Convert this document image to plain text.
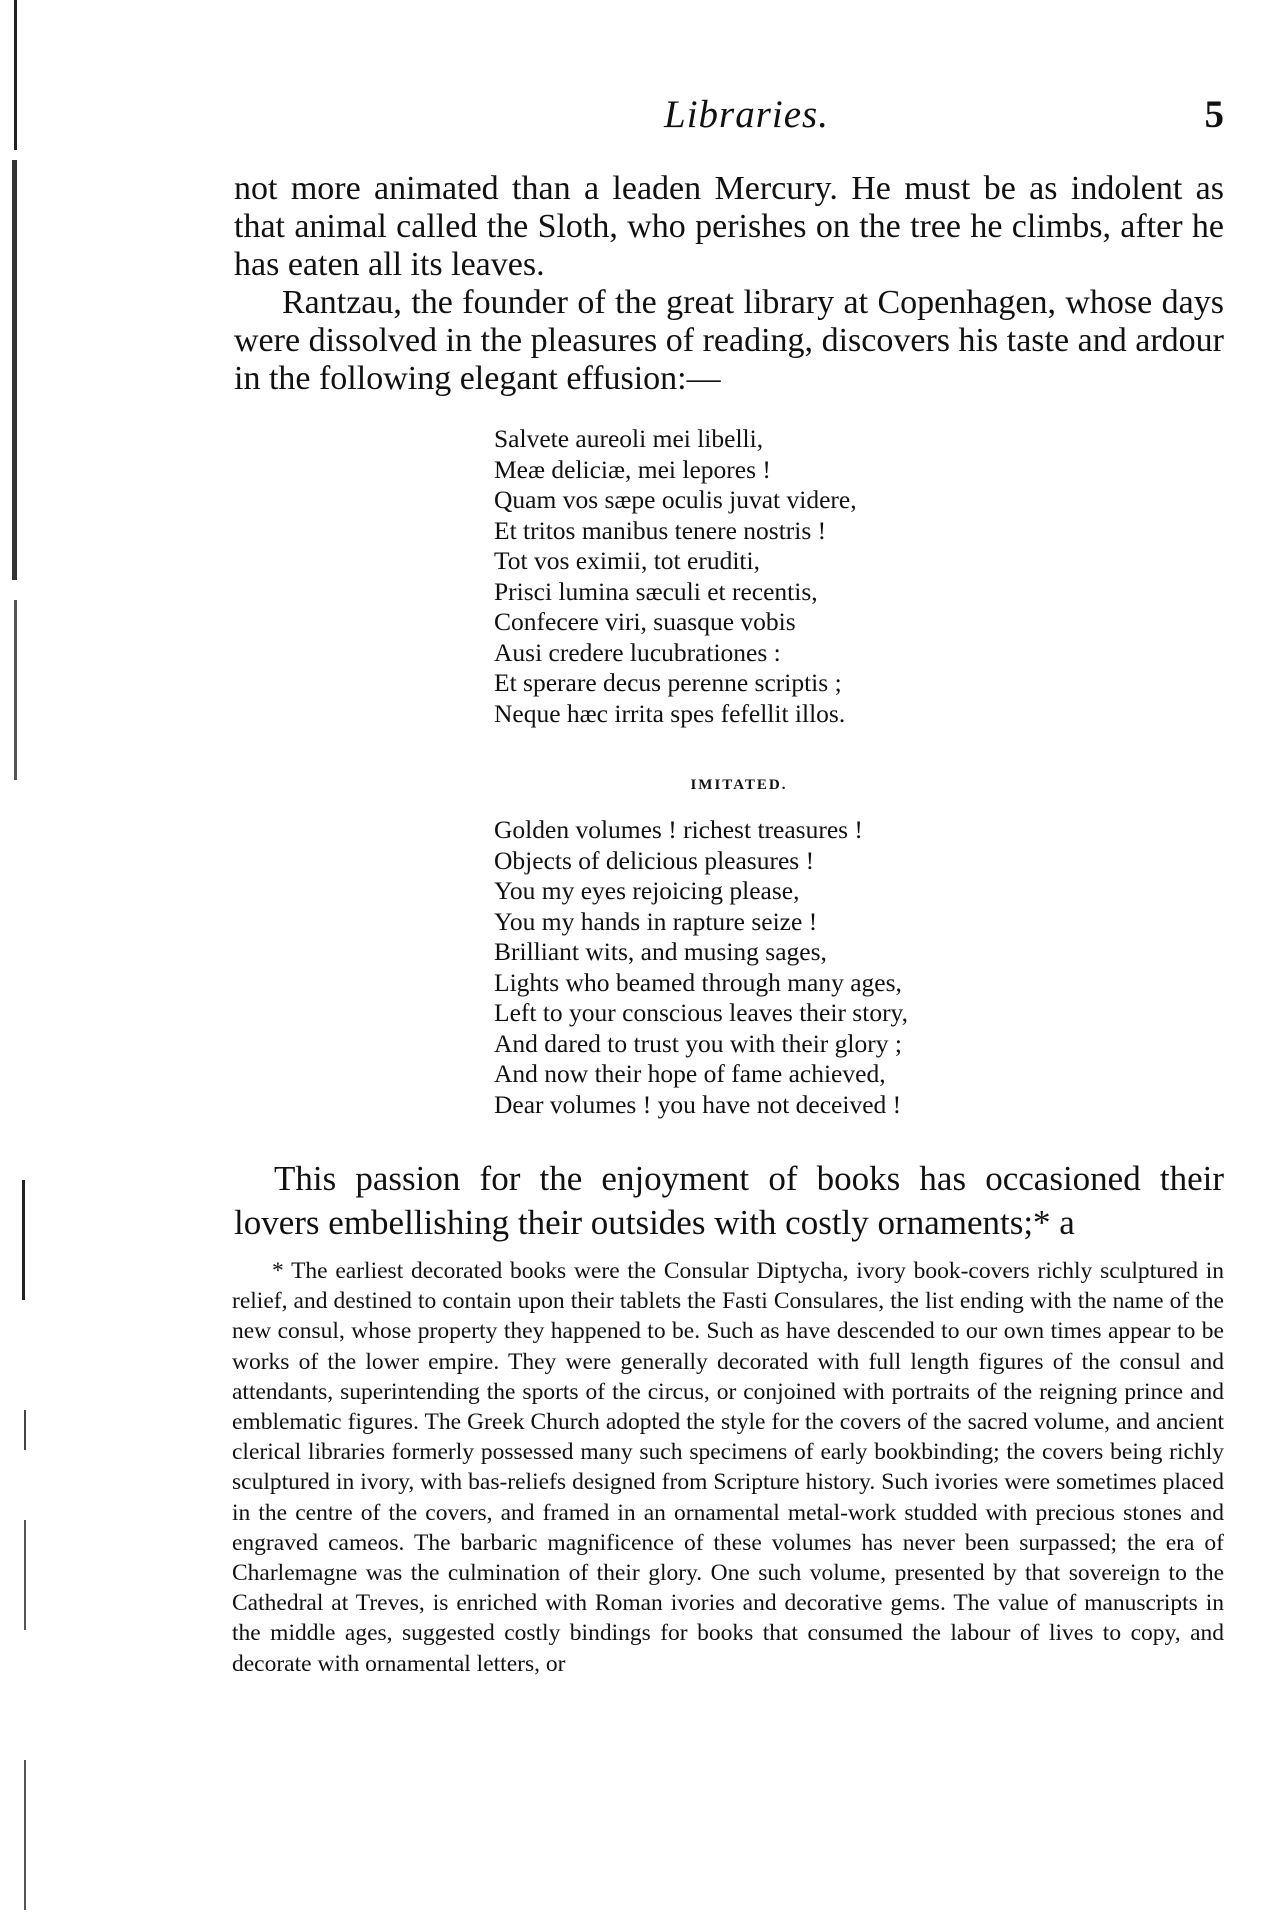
Libraries.	5

not more animated than a leaden Mercury. He must be as indolent as that animal called the Sloth, who perishes on the tree he climbs, after he has eaten all its leaves.

Rantzau, the founder of the great library at Copenhagen, whose days were dissolved in the pleasures of reading, discovers his taste and ardour in the following elegant effusion:—

Salvete aureoli mei libelli,
Meæ deliciæ, mei lepores !
Quam vos sæpe oculis juvat videre,
Et tritos manibus tenere nostris !
Tot vos eximii, tot eruditi,
Prisci lumina sæculi et recentis,
Confecere viri, suasque vobis
Ausi credere lucubrationes :
Et sperare decus perenne scriptis ;
Neque hæc irrita spes fefellit illos.
IMITATED.
Golden volumes ! richest treasures !
Objects of delicious pleasures !
You my eyes rejoicing please,
You my hands in rapture seize !
Brilliant wits, and musing sages,
Lights who beamed through many ages,
Left to your conscious leaves their story,
And dared to trust you with their glory ;
And now their hope of fame achieved,
Dear volumes ! you have not deceived !

This passion for the enjoyment of books has occasioned their lovers embellishing their outsides with costly ornaments;* a

* The earliest decorated books were the Consular Diptycha, ivory book-covers richly sculptured in relief, and destined to contain upon their tablets the Fasti Consulares, the list ending with the name of the new consul, whose property they happened to be. Such as have descended to our own times appear to be works of the lower empire. They were generally decorated with full length figures of the consul and attendants, superintending the sports of the circus, or conjoined with portraits of the reigning prince and emblematic figures. The Greek Church adopted the style for the covers of the sacred volume, and ancient clerical libraries formerly possessed many such specimens of early bookbinding; the covers being richly sculptured in ivory, with bas-reliefs designed from Scripture history. Such ivories were sometimes placed in the centre of the covers, and framed in an ornamental metal-work studded with precious stones and engraved cameos. The barbaric magnificence of these volumes has never been surpassed; the era of Charlemagne was the culmination of their glory. One such volume, presented by that sovereign to the Cathedral at Treves, is enriched with Roman ivories and decorative gems. The value of manuscripts in the middle ages, suggested costly bindings for books that consumed the labour of lives to copy, and decorate with ornamental letters, or
